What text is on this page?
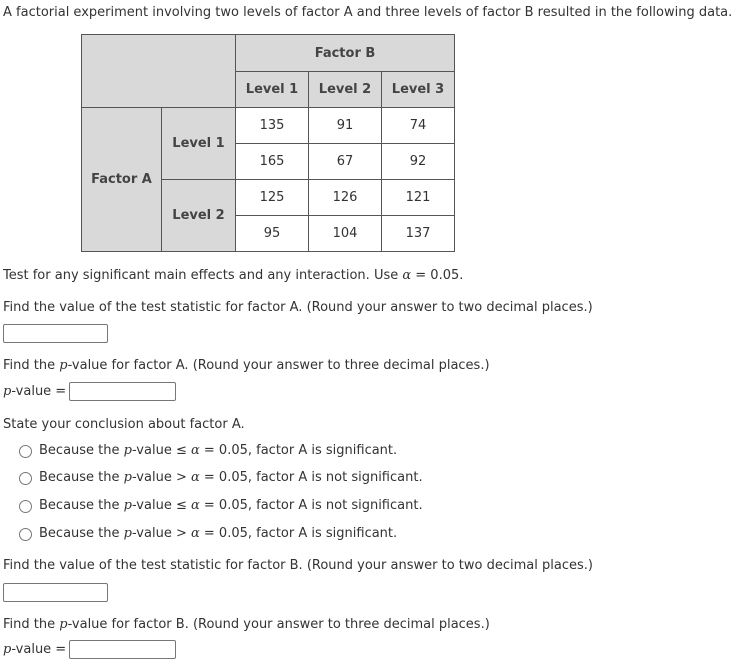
A factorial experiment involving two levels of factor A and three levels of factor B resulted in the following data.
		Factor B		
		Level 1	Level 2	Level 3
Factor A	Level 1	135	91	74
		165	67	92
	Level 2	125	126	121
		95	104	137
Test for any significant main effects and any interaction. Use α = 0.05.
Find the value of the test statistic for factor A. (Round your answer to two decimal places.)
Find the p-value for factor A. (Round your answer to three decimal places.)
p-value =
State your conclusion about factor A.
Because the p-value ≤ α = 0.05, factor A is significant.
Because the p-value > α = 0.05, factor A is not significant.
Because the p-value ≤ α = 0.05, factor A is not significant.
Because the p-value > α = 0.05, factor A is significant.
Find the value of the test statistic for factor B. (Round your answer to two decimal places.)
Find the p-value for factor B. (Round your answer to three decimal places.)
p-value =
